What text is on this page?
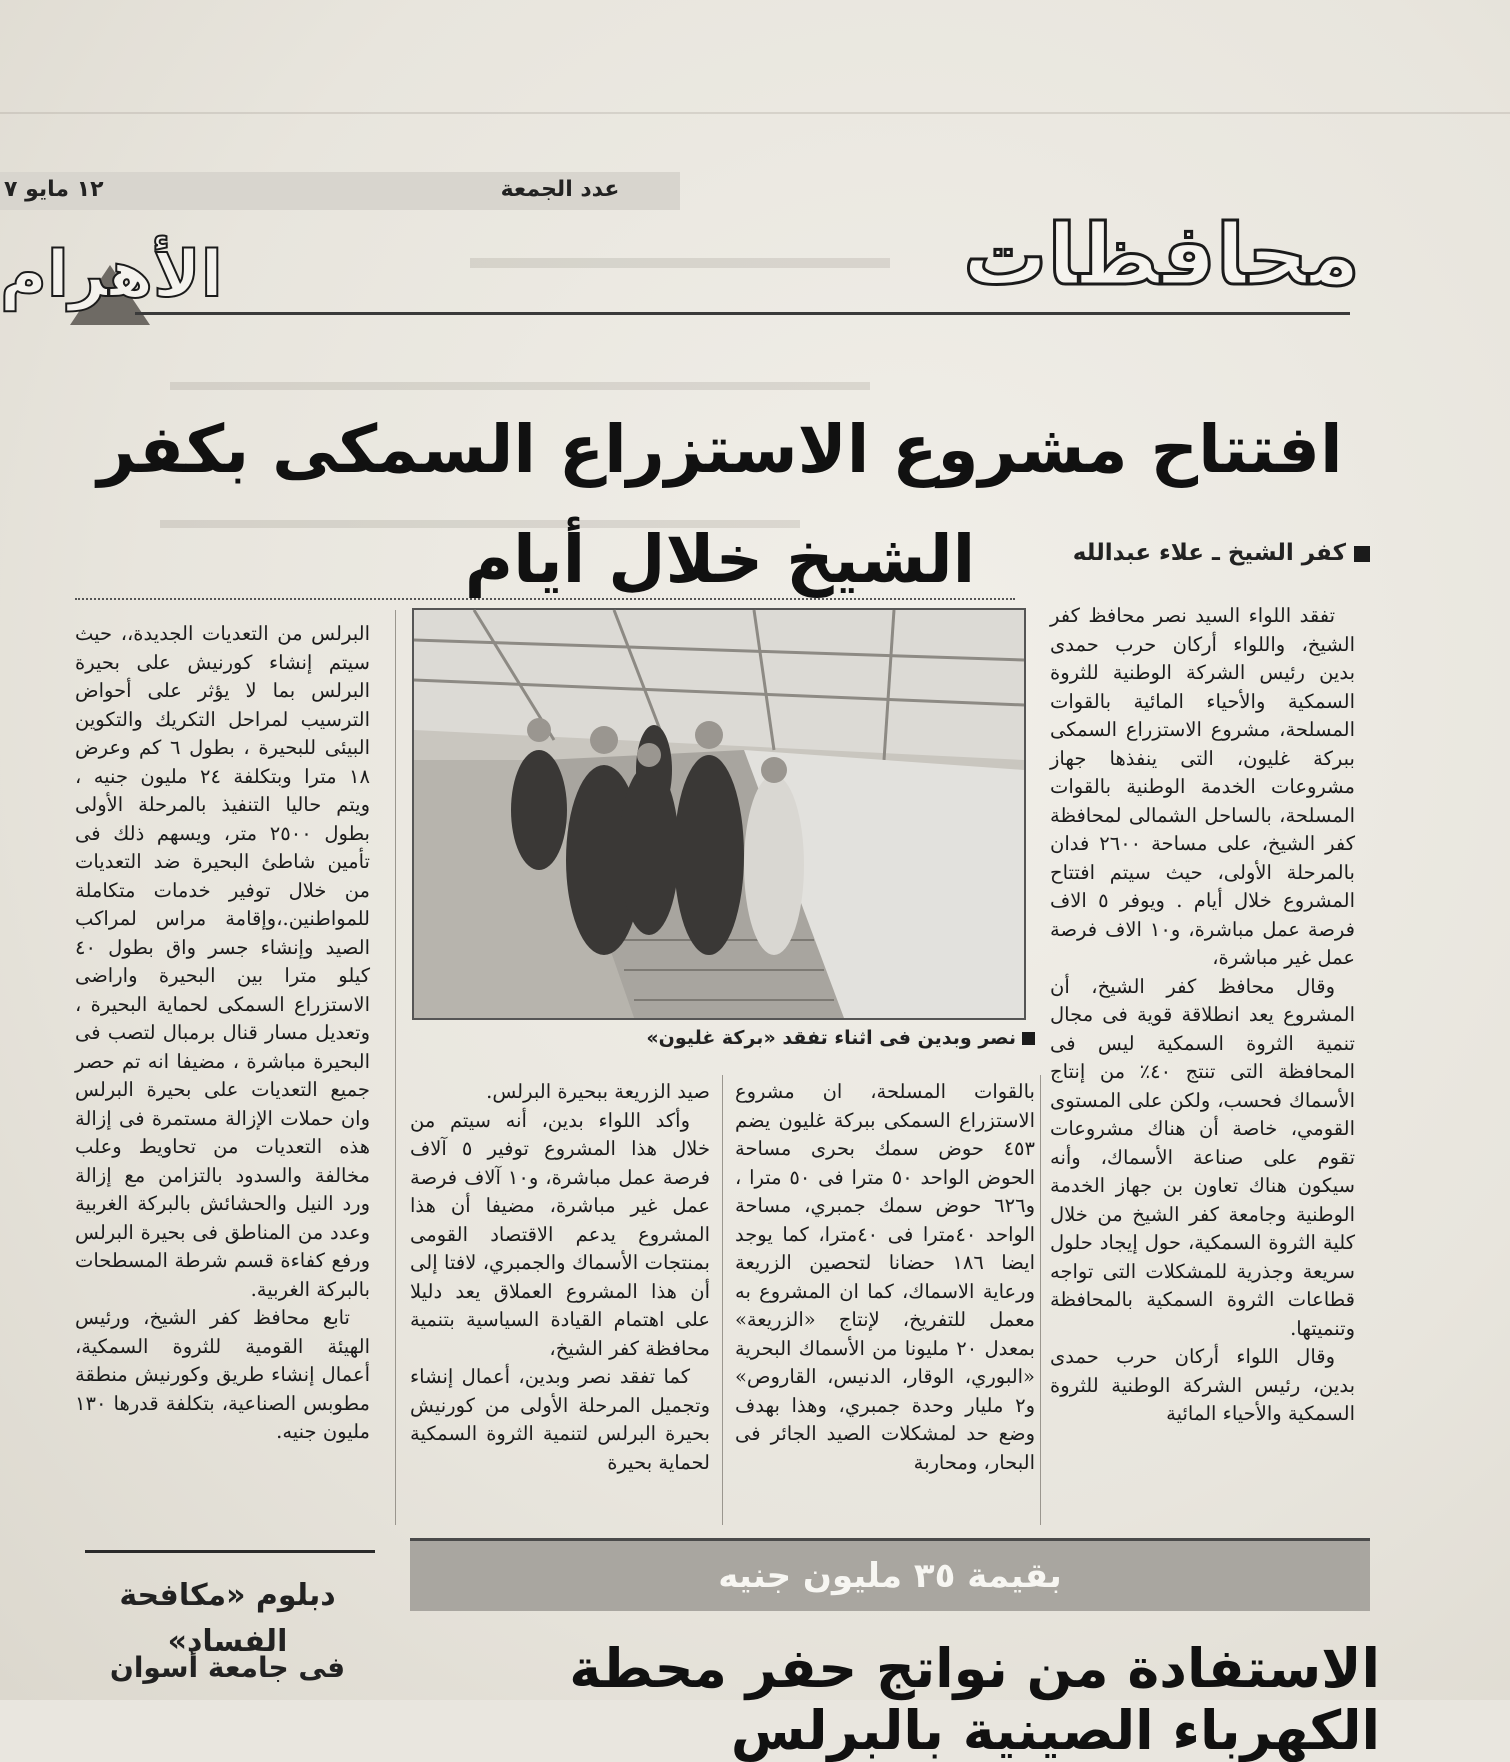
عدد الجمعة
١٢ مايو ٧
الأهرام	محافظات
افتتاح مشروع الاستزراع السمكى بكفر الشيخ خلال أيام	كفر الشيخ ـ علاء عبدالله

تفقد اللواء السيد نصر محافظ كفر الشيخ، واللواء أركان حرب حمدى بدين رئيس الشركة الوطنية للثروة السمكية والأحياء المائية بالقوات المسلحة، مشروع الاستزراع السمكى ببركة غليون، التى ينفذها جهاز مشروعات الخدمة الوطنية بالقوات المسلحة، بالساحل الشمالى لمحافظة كفر الشيخ، على مساحة ٢٦٠٠ فدان بالمرحلة الأولى، حيث سيتم افتتاح المشروع خلال أيام . ويوفر ٥ الاف فرصة عمل مباشرة، و١٠ الاف فرصة عمل غير مباشرة،

وقال محافظ كفر الشيخ، أن المشروع يعد انطلاقة قوية فى مجال تنمية الثروة السمكية ليس فى المحافظة التى تنتج ٤٠٪ من إنتاج الأسماك فحسب، ولكن على المستوى القومي، خاصة أن هناك مشروعات تقوم على صناعة الأسماك، وأنه سيكون هناك تعاون بن جهاز الخدمة الوطنية وجامعة كفر الشيخ من خلال كلية الثروة السمكية، حول إيجاد حلول سريعة وجذرية للمشكلات التى تواجه قطاعات الثروة السمكية بالمحافظة وتنميتها.

وقال اللواء أركان حرب حمدى بدين، رئيس الشركة الوطنية للثروة السمكية والأحياء المائية

نصر وبدين فى اثناء تفقد «بركة غليون»

بالقوات المسلحة، ان مشروع الاستزراع السمكى ببركة غليون يضم ٤٥٣ حوض سمك بحرى مساحة الحوض الواحد ٥٠ مترا فى ٥٠ مترا ، و٦٢٦ حوض سمك جمبري، مساحة الواحد ٤٠مترا فى ٤٠مترا، كما يوجد ايضا ١٨٦ حضانا لتحصين الزريعة ورعاية الاسماك، كما ان المشروع به معمل للتفريخ، لإنتاج «الزريعة» بمعدل ٢٠ مليونا من الأسماك البحرية «البوري، الوقار، الدنيس، القاروص» و٢ مليار وحدة جمبري، وهذا بهدف وضع حد لمشكلات الصيد الجائر فى البحار، ومحاربة

صيد الزريعة ببحيرة البرلس.

وأكد اللواء بدين، أنه سيتم من خلال هذا المشروع توفير ٥ آلاف فرصة عمل مباشرة، و١٠ آلاف فرصة عمل غير مباشرة، مضيفا أن هذا المشروع يدعم الاقتصاد القومى بمنتجات الأسماك والجمبري، لافتا إلى أن هذا المشروع العملاق يعد دليلا على اهتمام القيادة السياسية بتنمية محافظة كفر الشيخ،

كما تفقد نصر وبدين، أعمال إنشاء وتجميل المرحلة الأولى من كورنيش بحيرة البرلس لتنمية الثروة السمكية لحماية بحيرة

البرلس من التعديات الجديدة،، حيث سيتم إنشاء كورنيش على بحيرة البرلس بما لا يؤثر على أحواض الترسيب لمراحل التكريك والتكوين البيئى للبحيرة ، بطول ٦ كم وعرض ١٨ مترا وبتكلفة ٢٤ مليون جنيه ، ويتم حاليا التنفيذ بالمرحلة الأولى بطول ٢٥٠٠ متر، ويسهم ذلك فى تأمين شاطئ البحيرة ضد التعديات من خلال توفير خدمات متكاملة للمواطنين.،وإقامة مراس لمراكب الصيد وإنشاء جسر واق بطول ٤٠ كيلو مترا بين البحيرة واراضى الاستزراع السمكى لحماية البحيرة ، وتعديل مسار قنال برمبال لتصب فى البحيرة مباشرة ، مضيفا انه تم حصر جميع التعديات على بحيرة البرلس وان حملات الإزالة مستمرة فى إزالة هذه التعديات من تحاويط وعلب مخالفة والسدود بالتزامن مع إزالة ورد النيل والحشائش بالبركة الغربية وعدد من المناطق فى بحيرة البرلس ورفع كفاءة قسم شرطة المسطحات بالبركة الغربية.

تابع محافظ كفر الشيخ، ورئيس الهيئة القومية للثروة السمكية، أعمال إنشاء طريق وكورنيش منطقة مطوبس الصناعية، بتكلفة قدرها ١٣٠ مليون جنيه.

دبلوم «مكافحة الفساد»
فى جامعة أسوان
بقيمة ٣٥ مليون جنيه
الاستفادة من نواتج حفر محطة الكهرباء الصينية بالبرلس
